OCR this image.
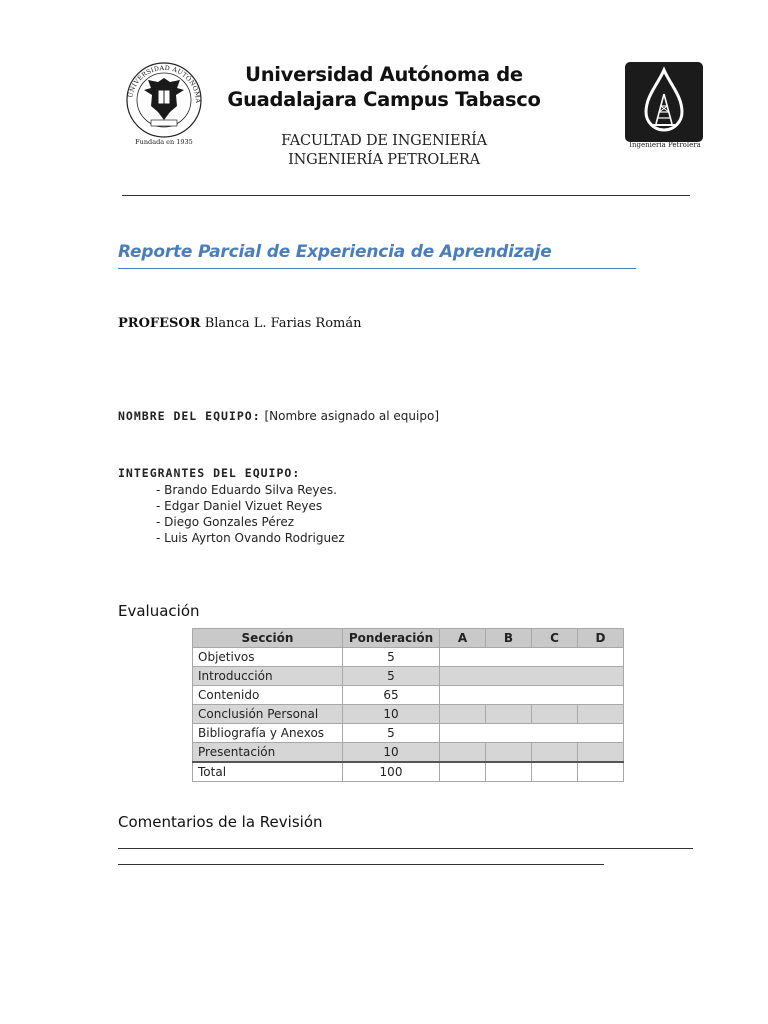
UNIVERSIDAD AUTÓNOMA
Fundada en 1935
Universidad Autónoma de
Guadalajara Campus Tabasco
FACULTAD DE INGENIERÍA
INGENIERÍA PETROLERA
Ingeniería Petrolera
Reporte Parcial de Experiencia de Aprendizaje
PROFESOR Blanca L. Farias Román
NOMBRE DEL EQUIPO: [Nombre asignado al equipo]
INTEGRANTES DEL EQUIPO:
- Brando Eduardo Silva Reyes.
- Edgar Daniel Vizuet Reyes
- Diego Gonzales Pérez
- Luis Ayrton Ovando Rodriguez
Evaluación
Sección	Ponderación	A	B	C	D
Objetivos	5				
Introducción	5				
Contenido	65				
Conclusión Personal	10				
Bibliografía y Anexos	5				
Presentación	10				
Total	100				
Comentarios de la Revisión
